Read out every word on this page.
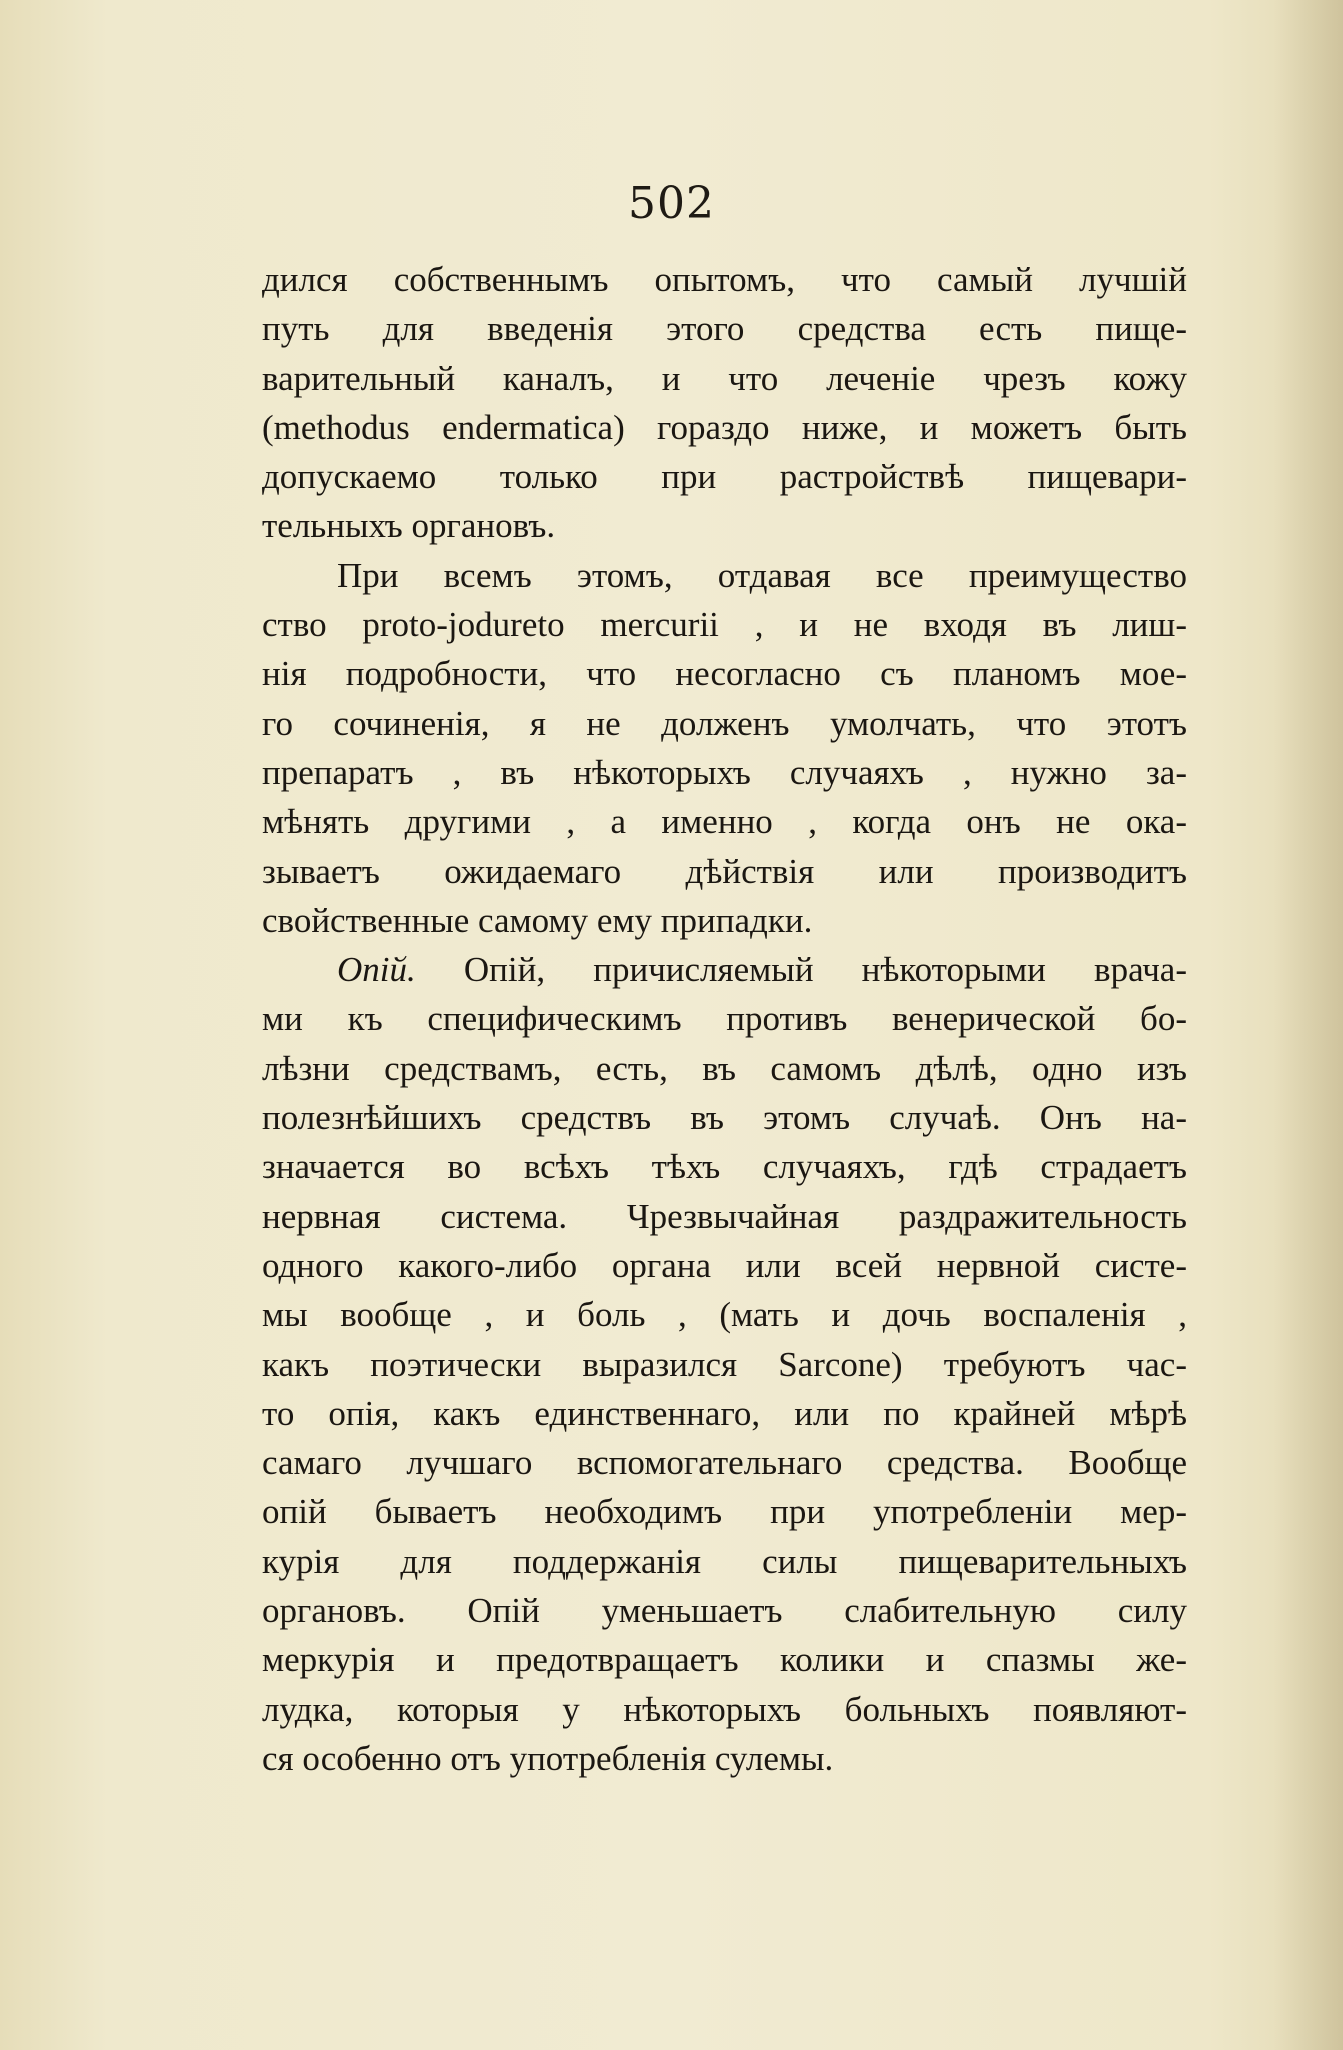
502
дился собственнымъ опытомъ, что самый лучшій
путь для введенія этого средства есть пище-
варительный каналъ, и что леченіе чрезъ кожу
(methodus endermatica) гораздо ниже, и можетъ быть
допускаемо только при растройствѣ пищевари-
тельныхъ органовъ.
При всемъ этомъ, отдавая все преимущество
ство proto-jodureto mercurii , и не входя въ лиш-
нія подробности, что несогласно съ планомъ мое-
го сочиненія, я не долженъ умолчать, что этотъ
препаратъ , въ нѣкоторыхъ случаяхъ , нужно за-
мѣнять другими , а именно , когда онъ не ока-
зываетъ ожидаемаго дѣйствія или производитъ
свойственные самому ему припадки.
Опій. Опій, причисляемый нѣкоторыми врача-
ми къ специфическимъ противъ венерической бо-
лѣзни средствамъ, есть, въ самомъ дѣлѣ, одно изъ
полезнѣйшихъ средствъ въ этомъ случаѣ. Онъ на-
значается во всѣхъ тѣхъ случаяхъ, гдѣ страдаетъ
нервная система. Чрезвычайная раздражительность
одного какого-либо органа или всей нервной систе-
мы вообще , и боль , (мать и дочь воспаленія ,
какъ поэтически выразился Sarcone) требуютъ час-
то опія, какъ единственнаго, или по крайней мѣрѣ
самаго лучшаго вспомогательнаго средства. Вообще
опій бываетъ необходимъ при употребленіи мер-
курія для поддержанія силы пищеварительныхъ
органовъ. Опій уменьшаетъ слабительную силу
меркурія и предотвращаетъ колики и спазмы же-
лудка, которыя у нѣкоторыхъ больныхъ появляют-
ся особенно отъ употребленія сулемы.
